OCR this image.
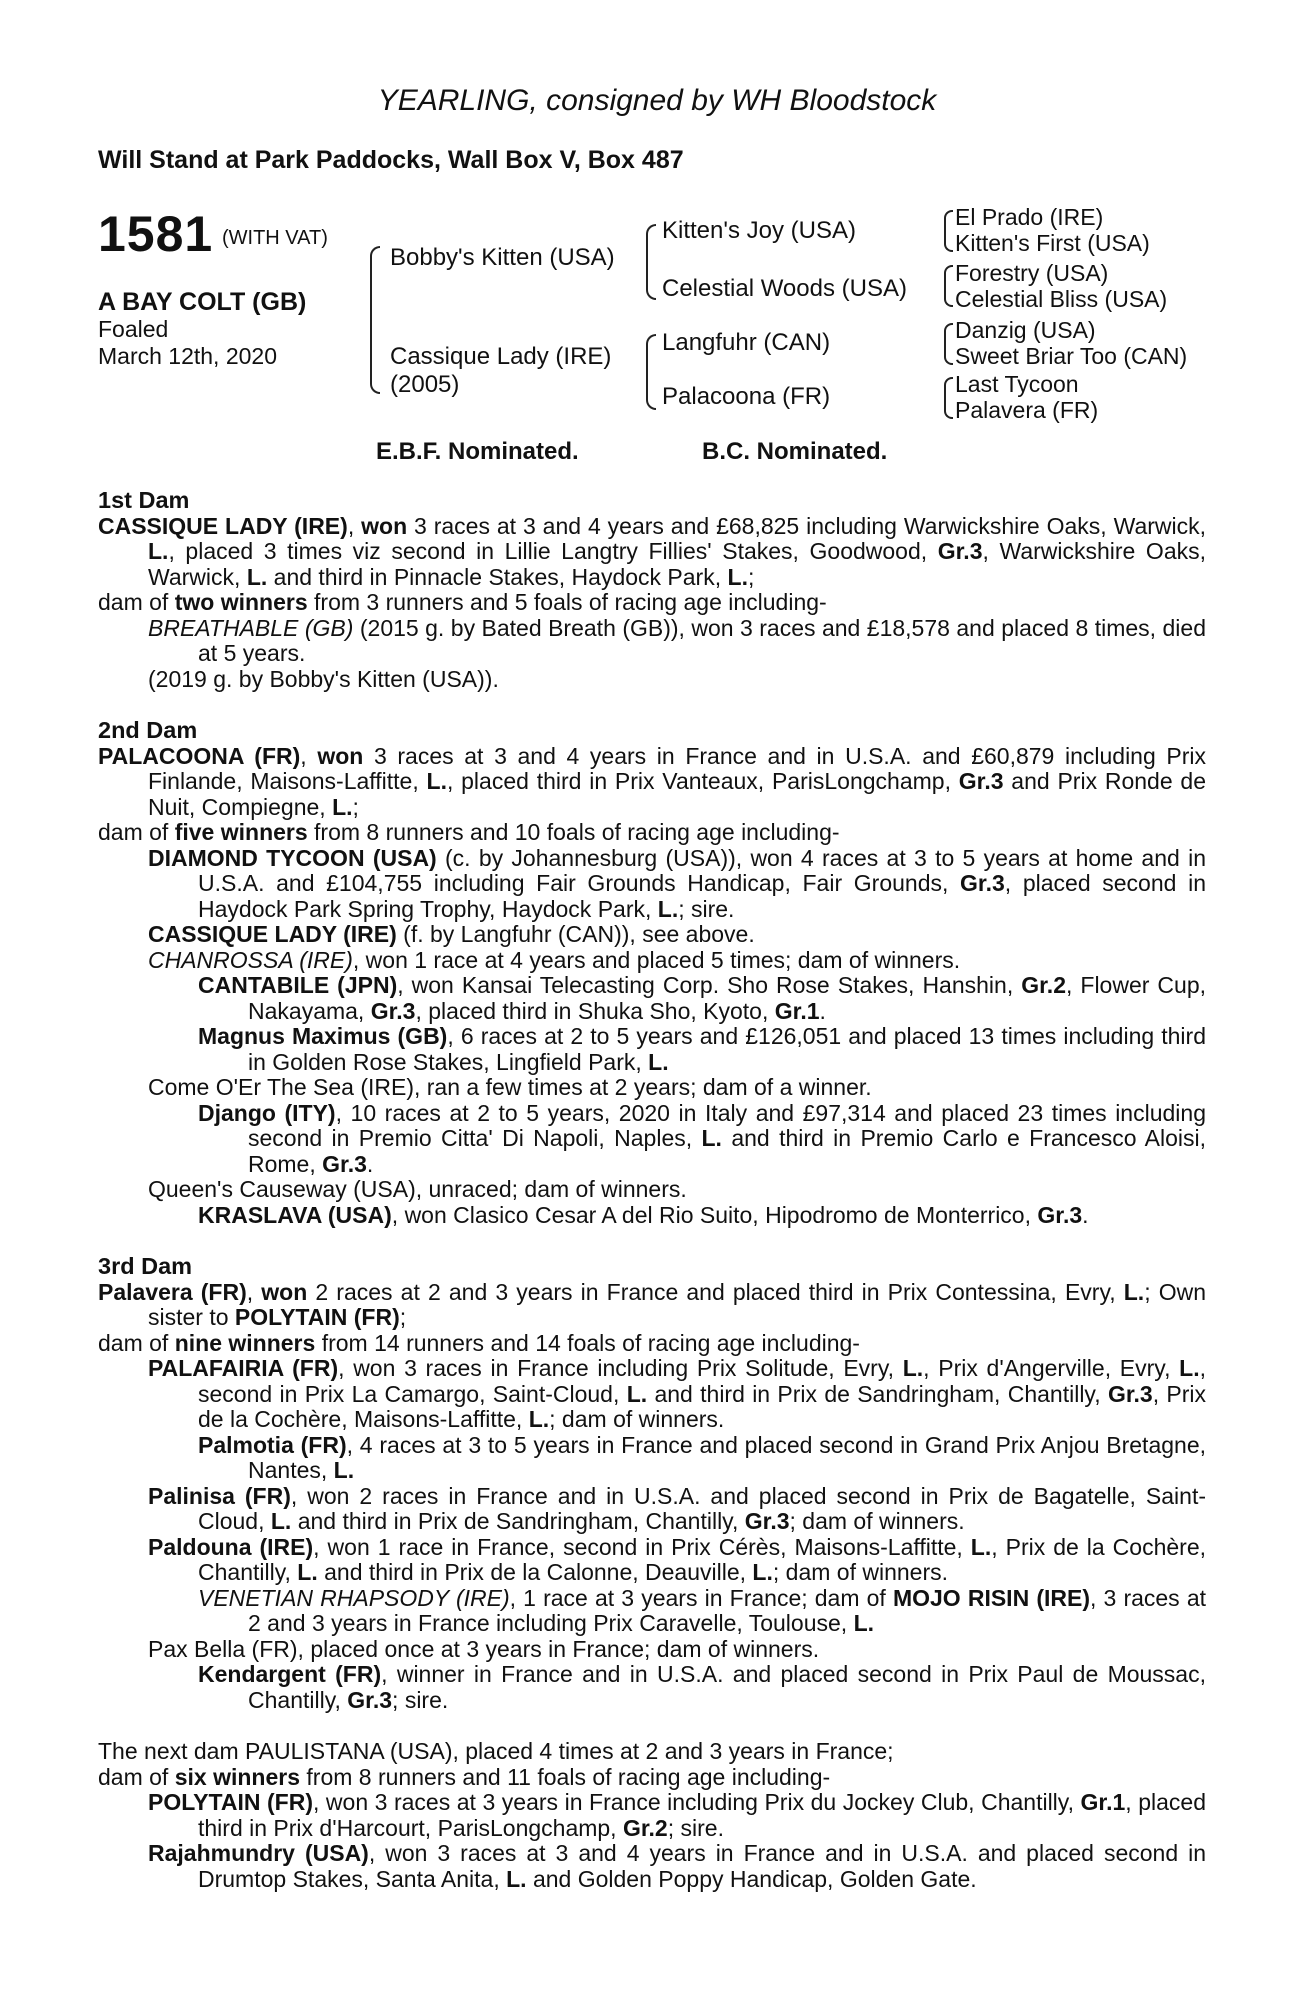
YEARLING, consigned by WH Bloodstock
Will Stand at Park Paddocks, Wall Box V, Box 487
1581 (WITH VAT)
A BAY COLT (GB)
Foaled
March 12th, 2020
Bobby's Kitten (USA)
Cassique Lady (IRE)
(2005)
Kitten's Joy (USA)
Celestial Woods (USA)
Langfuhr (CAN)
Palacoona (FR)
El Prado (IRE)
Kitten's First (USA)
Forestry (USA)
Celestial Bliss (USA)
Danzig (USA)
Sweet Briar Too (CAN)
Last Tycoon
Palavera (FR)
E.B.F. Nominated.	B.C. Nominated.
1st Dam
CASSIQUE LADY (IRE), won 3 races at 3 and 4 years and £68,825 including Warwickshire Oaks, Warwick, L., placed 3 times viz second in Lillie Langtry Fillies' Stakes, Goodwood, Gr.3, Warwickshire Oaks, Warwick, L. and third in Pinnacle Stakes, Haydock Park, L.;
dam of two winners from 3 runners and 5 foals of racing age including-
BREATHABLE (GB) (2015 g. by Bated Breath (GB)), won 3 races and £18,578 and placed 8 times, died at 5 years.
(2019 g. by Bobby's Kitten (USA)).
2nd Dam
PALACOONA (FR), won 3 races at 3 and 4 years in France and in U.S.A. and £60,879 including Prix Finlande, Maisons-Laffitte, L., placed third in Prix Vanteaux, ParisLongchamp, Gr.3 and Prix Ronde de Nuit, Compiegne, L.;
dam of five winners from 8 runners and 10 foals of racing age including-
DIAMOND TYCOON (USA) (c. by Johannesburg (USA)), won 4 races at 3 to 5 years at home and in U.S.A. and £104,755 including Fair Grounds Handicap, Fair Grounds, Gr.3, placed second in Haydock Park Spring Trophy, Haydock Park, L.; sire.
CASSIQUE LADY (IRE) (f. by Langfuhr (CAN)), see above.
CHANROSSA (IRE), won 1 race at 4 years and placed 5 times; dam of winners.
CANTABILE (JPN), won Kansai Telecasting Corp. Sho Rose Stakes, Hanshin, Gr.2, Flower Cup, Nakayama, Gr.3, placed third in Shuka Sho, Kyoto, Gr.1.
Magnus Maximus (GB), 6 races at 2 to 5 years and £126,051 and placed 13 times including third in Golden Rose Stakes, Lingfield Park, L.
Come O'Er The Sea (IRE), ran a few times at 2 years; dam of a winner.
Django (ITY), 10 races at 2 to 5 years, 2020 in Italy and £97,314 and placed 23 times including second in Premio Citta' Di Napoli, Naples, L. and third in Premio Carlo e Francesco Aloisi, Rome, Gr.3.
Queen's Causeway (USA), unraced; dam of winners.
KRASLAVA (USA), won Clasico Cesar A del Rio Suito, Hipodromo de Monterrico, Gr.3.
3rd Dam
Palavera (FR), won 2 races at 2 and 3 years in France and placed third in Prix Contessina, Evry, L.; Own sister to POLYTAIN (FR);
dam of nine winners from 14 runners and 14 foals of racing age including-
PALAFAIRIA (FR), won 3 races in France including Prix Solitude, Evry, L., Prix d'Angerville, Evry, L., second in Prix La Camargo, Saint-Cloud, L. and third in Prix de Sandringham, Chantilly, Gr.3, Prix de la Cochère, Maisons-Laffitte, L.; dam of winners.
Palmotia (FR), 4 races at 3 to 5 years in France and placed second in Grand Prix Anjou Bretagne, Nantes, L.
Palinisa (FR), won 2 races in France and in U.S.A. and placed second in Prix de Bagatelle, Saint-Cloud, L. and third in Prix de Sandringham, Chantilly, Gr.3; dam of winners.
Paldouna (IRE), won 1 race in France, second in Prix Cérès, Maisons-Laffitte, L., Prix de la Cochère, Chantilly, L. and third in Prix de la Calonne, Deauville, L.; dam of winners.
VENETIAN RHAPSODY (IRE), 1 race at 3 years in France; dam of MOJO RISIN (IRE), 3 races at 2 and 3 years in France including Prix Caravelle, Toulouse, L.
Pax Bella (FR), placed once at 3 years in France; dam of winners.
Kendargent (FR), winner in France and in U.S.A. and placed second in Prix Paul de Moussac, Chantilly, Gr.3; sire.
The next dam PAULISTANA (USA), placed 4 times at 2 and 3 years in France;
dam of six winners from 8 runners and 11 foals of racing age including-
POLYTAIN (FR), won 3 races at 3 years in France including Prix du Jockey Club, Chantilly, Gr.1, placed third in Prix d'Harcourt, ParisLongchamp, Gr.2; sire.
Rajahmundry (USA), won 3 races at 3 and 4 years in France and in U.S.A. and placed second in Drumtop Stakes, Santa Anita, L. and Golden Poppy Handicap, Golden Gate.
